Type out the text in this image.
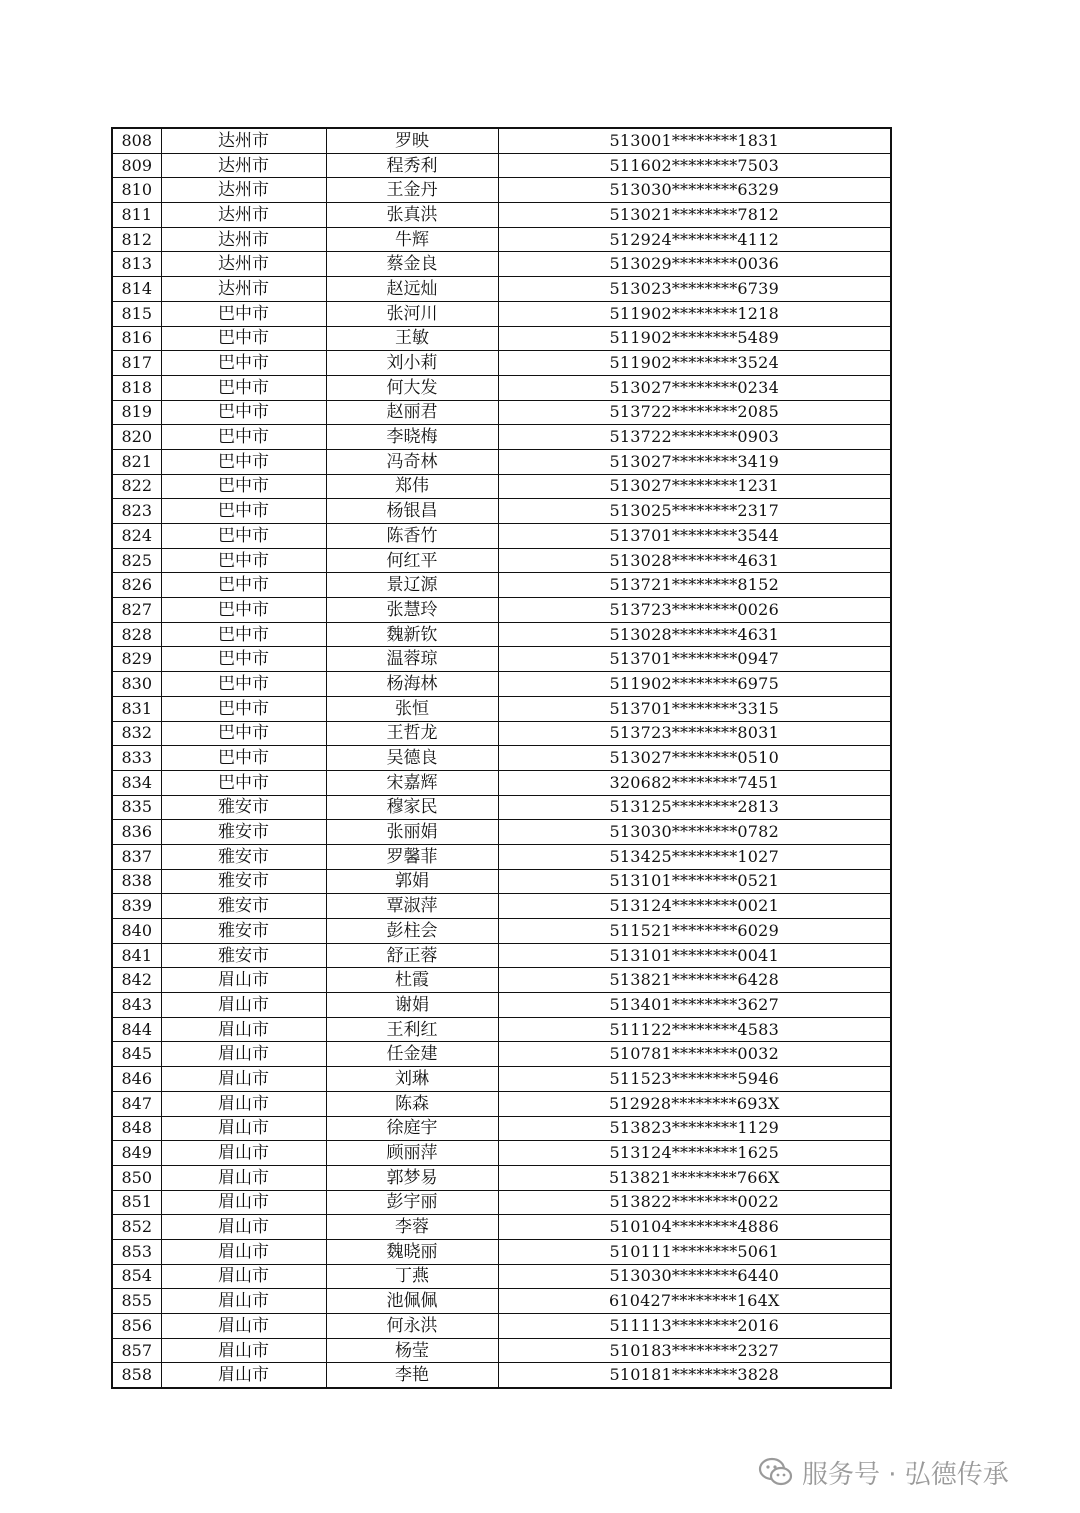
808	达州市	罗映	513001********1831
809	达州市	程秀利	511602********7503
810	达州市	王金丹	513030********6329
811	达州市	张真洪	513021********7812
812	达州市	牛辉	512924********4112
813	达州市	蔡金良	513029********0036
814	达州市	赵远灿	513023********6739
815	巴中市	张河川	511902********1218
816	巴中市	王敏	511902********5489
817	巴中市	刘小莉	511902********3524
818	巴中市	何大发	513027********0234
819	巴中市	赵丽君	513722********2085
820	巴中市	李晓梅	513722********0903
821	巴中市	冯奇林	513027********3419
822	巴中市	郑伟	513027********1231
823	巴中市	杨银昌	513025********2317
824	巴中市	陈香竹	513701********3544
825	巴中市	何红平	513028********4631
826	巴中市	景辽源	513721********8152
827	巴中市	张慧玲	513723********0026
828	巴中市	魏新钦	513028********4631
829	巴中市	温蓉琼	513701********0947
830	巴中市	杨海林	511902********6975
831	巴中市	张恒	513701********3315
832	巴中市	王哲龙	513723********8031
833	巴中市	吴德良	513027********0510
834	巴中市	宋嘉辉	320682********7451
835	雅安市	穆家民	513125********2813
836	雅安市	张丽娟	513030********0782
837	雅安市	罗馨菲	513425********1027
838	雅安市	郭娟	513101********0521
839	雅安市	覃淑萍	513124********0021
840	雅安市	彭柱会	511521********6029
841	雅安市	舒正蓉	513101********0041
842	眉山市	杜霞	513821********6428
843	眉山市	谢娟	513401********3627
844	眉山市	王利红	511122********4583
845	眉山市	任金建	510781********0032
846	眉山市	刘琳	511523********5946
847	眉山市	陈森	512928********693X
848	眉山市	徐庭宇	513823********1129
849	眉山市	顾丽萍	513124********1625
850	眉山市	郭梦易	513821********766X
851	眉山市	彭宇丽	513822********0022
852	眉山市	李蓉	510104********4886
853	眉山市	魏晓丽	510111********5061
854	眉山市	丁燕	513030********6440
855	眉山市	池佩佩	610427********164X
856	眉山市	何永洪	511113********2016
857	眉山市	杨莹	510183********2327
858	眉山市	李艳	510181********3828
服务号 · 弘德传承
